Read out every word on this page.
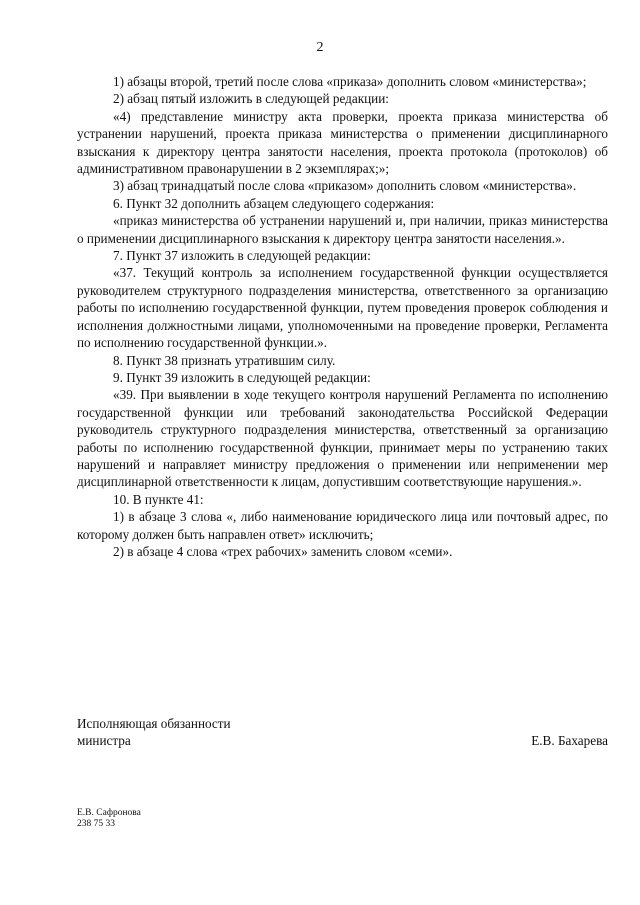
2

1) абзацы второй, третий после слова «приказа» дополнить словом «министерства»;

2) абзац пятый изложить в следующей редакции:

«4) представление министру акта проверки, проекта приказа министерства об устранении нарушений, проекта приказа министерства о применении дисциплинарного взыскания к директору центра занятости населения, проекта протокола (протоколов) об административном правонарушении в 2 экземплярах;»;

3) абзац тринадцатый после слова «приказом» дополнить словом «министерства».

6. Пункт 32 дополнить абзацем следующего содержания:

«приказ министерства об устранении нарушений и, при наличии, приказ министерства о применении дисциплинарного взыскания к директору центра занятости населения.».

7. Пункт 37 изложить в следующей редакции:

«37. Текущий контроль за исполнением государственной функции осуществляется руководителем структурного подразделения министерства, ответственного за организацию работы по исполнению государственной функции, путем проведения проверок соблюдения и исполнения должностными лицами, уполномоченными на проведение проверки, Регламента по исполнению государственной функции.».

8. Пункт 38 признать утратившим силу.

9. Пункт 39 изложить в следующей редакции:

«39. При выявлении в ходе текущего контроля нарушений Регламента по исполнению государственной функции или требований законодательства Российской Федерации руководитель структурного подразделения министерства, ответственный за организацию работы по исполнению государственной функции, принимает меры по устранению таких нарушений и направляет министру предложения о применении или неприменении мер дисциплинарной ответственности к лицам, допустившим соответствующие нарушения.».

10. В пункте 41:

1) в абзаце 3 слова «, либо наименование юридического лица или почтовый адрес, по которому должен быть направлен ответ» исключить;

2) в абзаце 4 слова «трех рабочих» заменить словом «семи».

Исполняющая обязанности
министра	Е.В. Бахарева
Е.В. Сафронова
238 75 33
